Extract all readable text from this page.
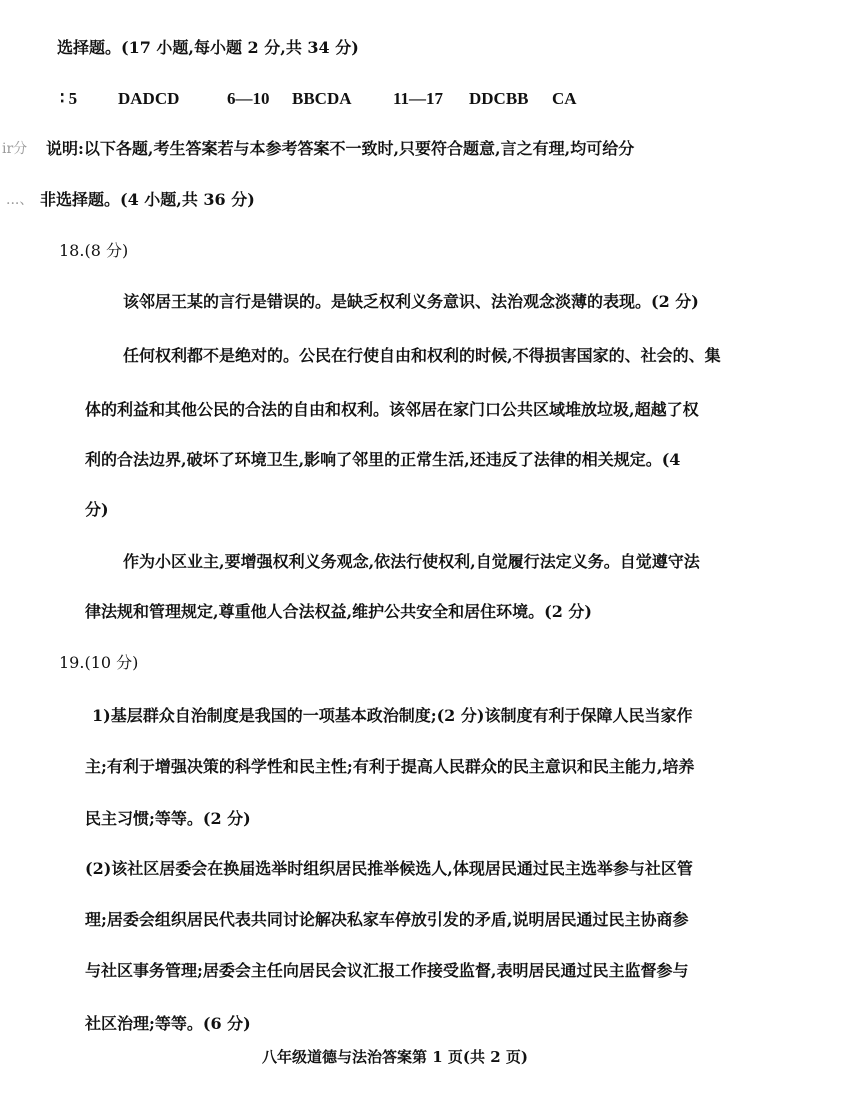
选择题。(17 小题,每小题 2 分,共 34 分)
∶ 5 DADCD	6—10 BBCDA 11—17 DDCBB CA
ir分 说明:以下各题,考生答案若与本参考答案不一致时,只要符合题意,言之有理,均可给分
...、 非选择题。(4 小题,共 36 分)
18.(8 分)
该邻居王某的言行是错误的。是缺乏权利义务意识、法治观念淡薄的表现。(2 分)
任何权利都不是绝对的。公民在行使自由和权利的时候,不得损害国家的、社会的、集
体的利益和其他公民的合法的自由和权利。该邻居在家门口公共区域堆放垃圾,超越了权
利的合法边界,破坏了环境卫生,影响了邻里的正常生活,还违反了法律的相关规定。(4
分)
作为小区业主,要增强权利义务观念,依法行使权利,自觉履行法定义务。自觉遵守法
律法规和管理规定,尊重他人合法权益,维护公共安全和居住环境。(2 分)
19.(10 分)
1)基层群众自治制度是我国的一项基本政治制度;(2 分)该制度有利于保障人民当家作
主;有利于增强决策的科学性和民主性;有利于提高人民群众的民主意识和民主能力,培养
民主习惯;等等。(2 分)
(2)该社区居委会在换届选举时组织居民推举候选人,体现居民通过民主选举参与社区管
理;居委会组织居民代表共同讨论解决私家车停放引发的矛盾,说明居民通过民主协商参
与社区事务管理;居委会主任向居民会议汇报工作接受监督,表明居民通过民主监督参与
社区治理;等等。(6 分)
八年级道德与法治答案第 1 页(共 2 页)
